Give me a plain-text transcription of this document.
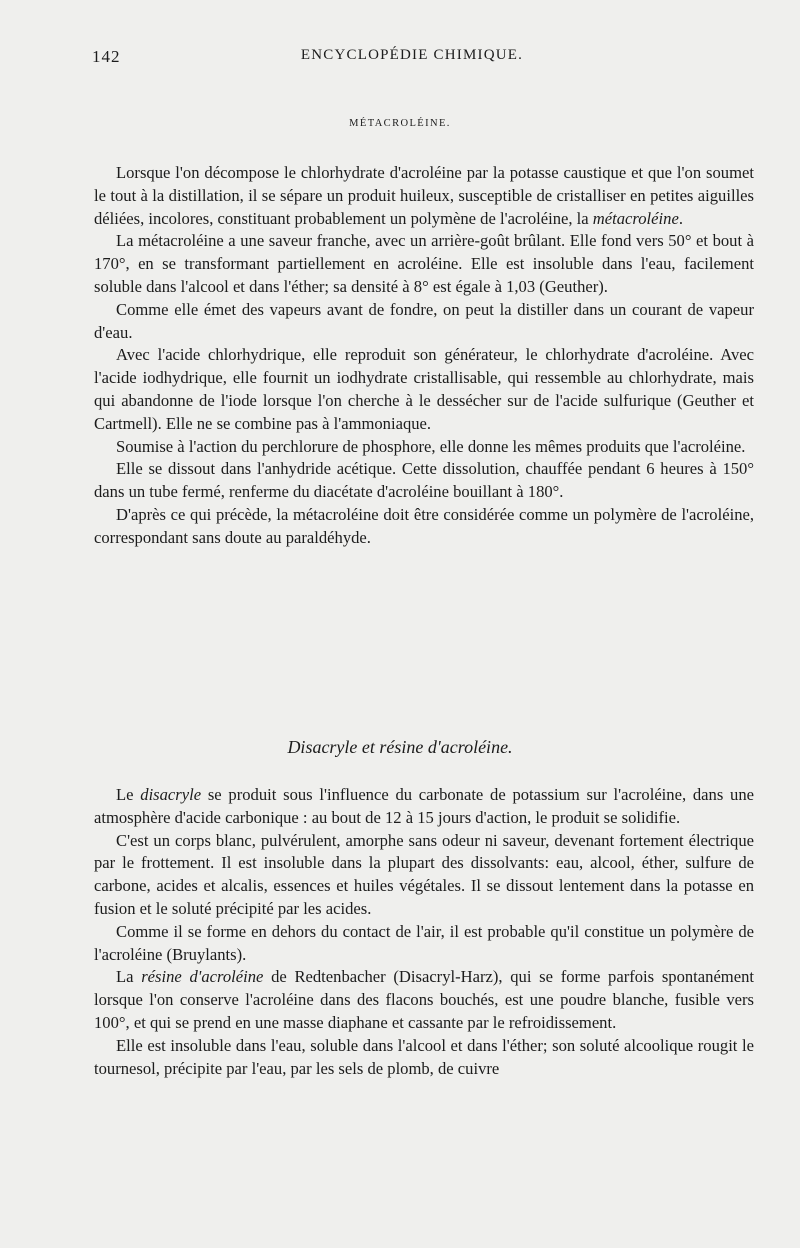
142	ENCYCLOPÉDIE CHIMIQUE.
MÉTACROLÉINE.

Lorsque l'on décompose le chlorhydrate d'acroléine par la potasse caustique et que l'on soumet le tout à la distillation, il se sépare un produit huileux, susceptible de cristalliser en petites aiguilles déliées, incolores, constituant probablement un polymène de l'acroléine, la métacroléine.

La métacroléine a une saveur franche, avec un arrière-goût brûlant. Elle fond vers 50° et bout à 170°, en se transformant partiellement en acroléine. Elle est insoluble dans l'eau, facilement soluble dans l'alcool et dans l'éther; sa densité à 8° est égale à 1,03 (Geuther).

Comme elle émet des vapeurs avant de fondre, on peut la distiller dans un courant de vapeur d'eau.

Avec l'acide chlorhydrique, elle reproduit son générateur, le chlorhydrate d'acroléine. Avec l'acide iodhydrique, elle fournit un iodhydrate cristallisable, qui ressemble au chlorhydrate, mais qui abandonne de l'iode lorsque l'on cherche à le dessécher sur de l'acide sulfurique (Geuther et Cartmell). Elle ne se combine pas à l'ammoniaque.

Soumise à l'action du perchlorure de phosphore, elle donne les mêmes produits que l'acroléine.

Elle se dissout dans l'anhydride acétique. Cette dissolution, chauffée pendant 6 heures à 150° dans un tube fermé, renferme du diacétate d'acroléine bouillant à 180°.

D'après ce qui précède, la métacroléine doit être considérée comme un polymère de l'acroléine, correspondant sans doute au paraldéhyde.

Disacryle et résine d'acroléine.

Le disacryle se produit sous l'influence du carbonate de potassium sur l'acroléine, dans une atmosphère d'acide carbonique : au bout de 12 à 15 jours d'action, le produit se solidifie.

C'est un corps blanc, pulvérulent, amorphe sans odeur ni saveur, devenant fortement électrique par le frottement. Il est insoluble dans la plupart des dissolvants: eau, alcool, éther, sulfure de carbone, acides et alcalis, essences et huiles végétales. Il se dissout lentement dans la potasse en fusion et le soluté précipité par les acides.

Comme il se forme en dehors du contact de l'air, il est probable qu'il constitue un polymère de l'acroléine (Bruylants).

La résine d'acroléine de Redtenbacher (Disacryl-Harz), qui se forme parfois spontanément lorsque l'on conserve l'acroléine dans des flacons bouchés, est une poudre blanche, fusible vers 100°, et qui se prend en une masse diaphane et cassante par le refroidissement.

Elle est insoluble dans l'eau, soluble dans l'alcool et dans l'éther; son soluté alcoolique rougit le tournesol, précipite par l'eau, par les sels de plomb, de cuivre
